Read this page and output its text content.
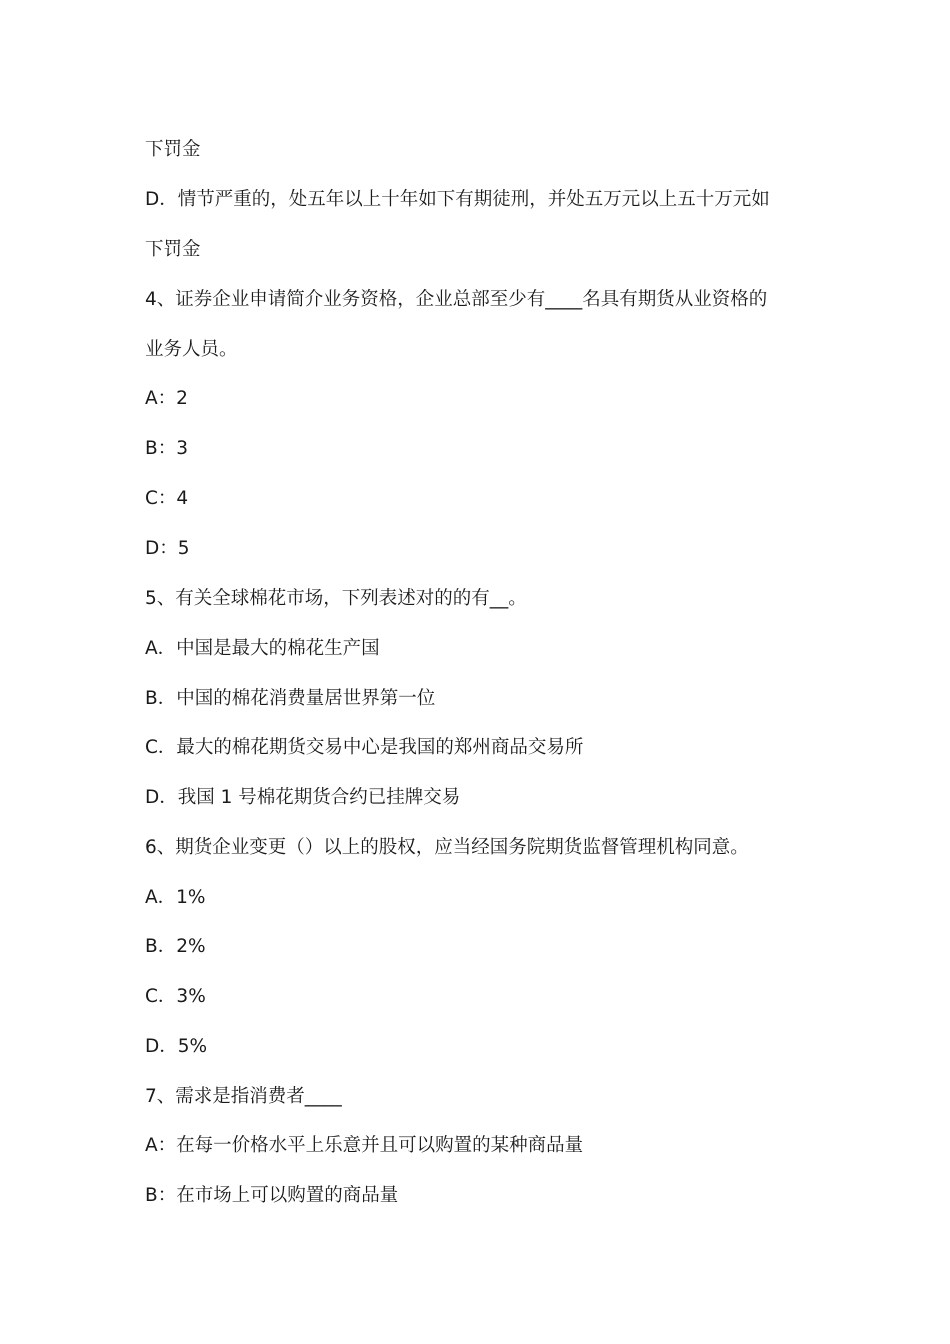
下罚金
D．情节严重的，处五年以上十年如下有期徒刑，并处五万元以上五十万元如
下罚金
4、证券企业申请简介业务资格，企业总部至少有____名具有期货从业资格的
业务人员。
A：2
B：3
C：4
D：5
5、有关全球棉花市场，下列表述对的的有__。
A．中国是最大的棉花生产国
B．中国的棉花消费量居世界第一位
C．最大的棉花期货交易中心是我国的郑州商品交易所
D．我国 1 号棉花期货合约已挂牌交易
6、期货企业变更（）以上的股权，应当经国务院期货监督管理机构同意。
A．1%
B．2%
C．3%
D．5%
7、需求是指消费者____
A：在每一价格水平上乐意并且可以购置的某种商品量
B：在市场上可以购置的商品量
